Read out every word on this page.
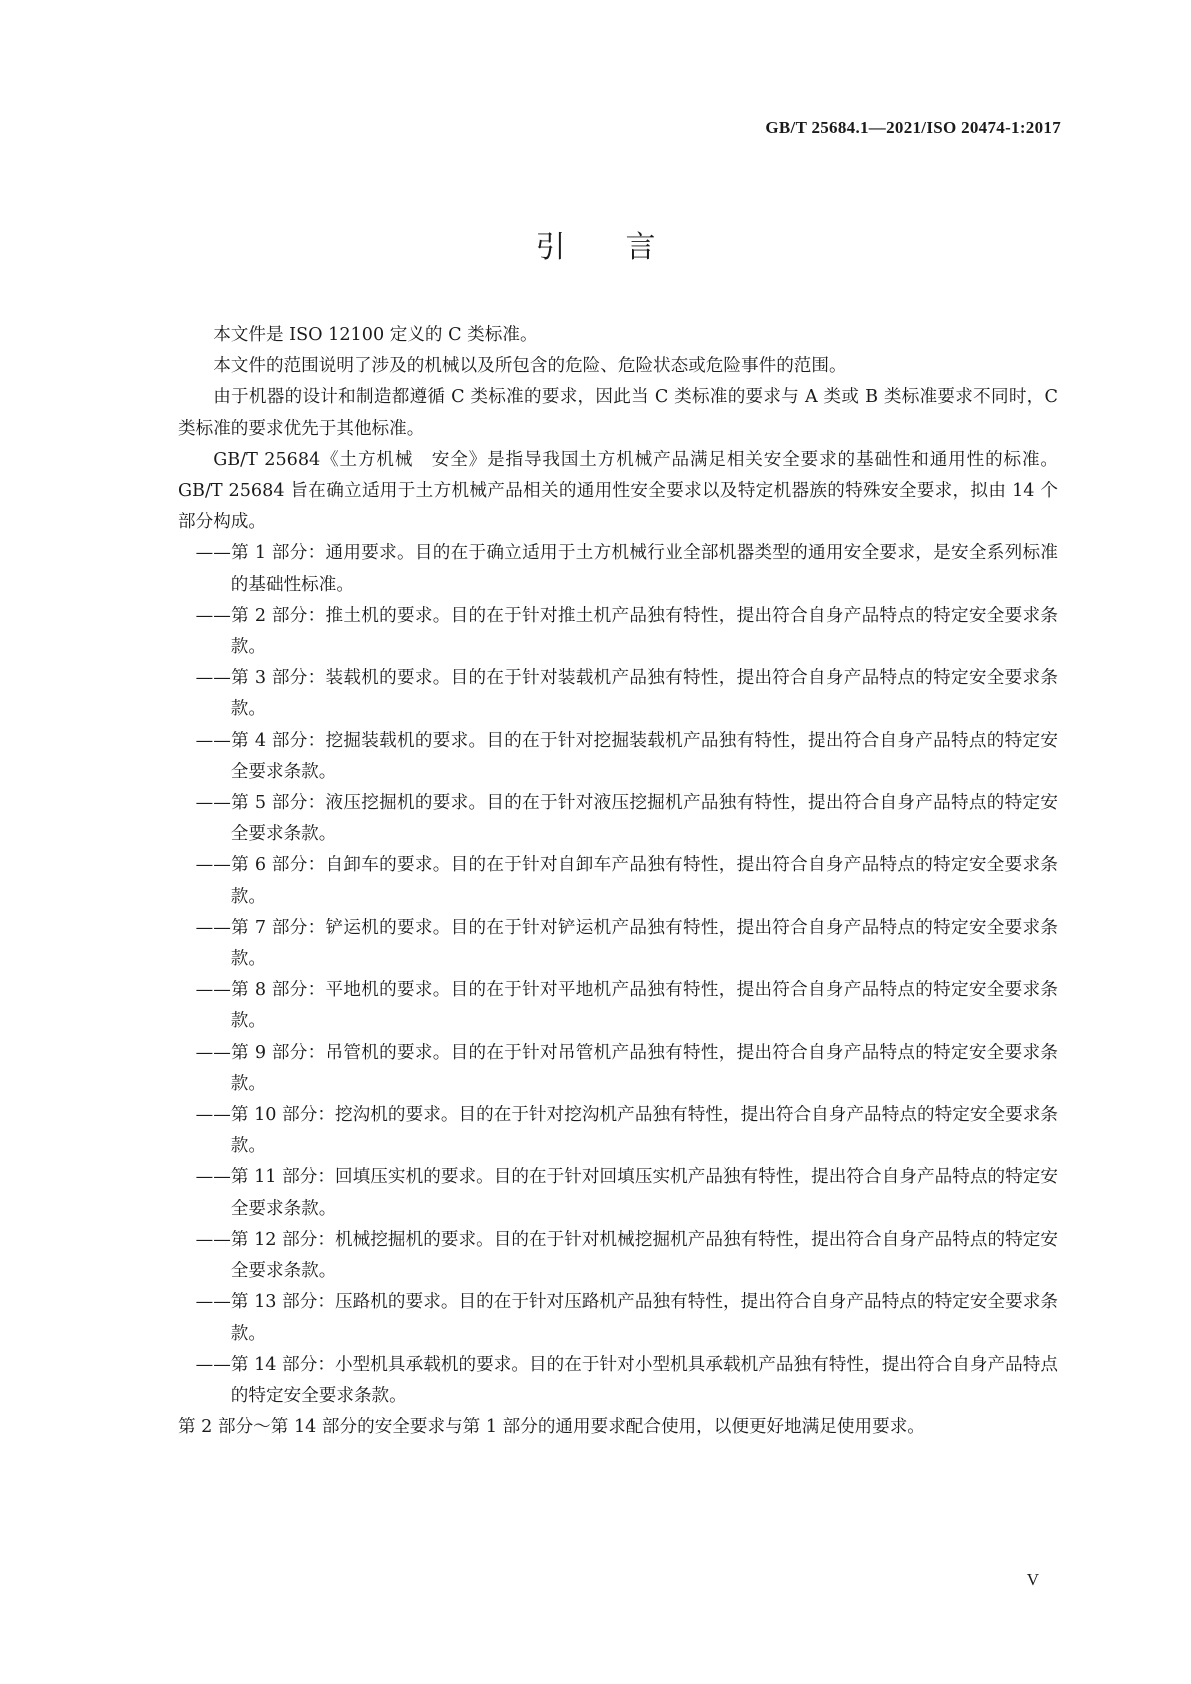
GB/T 25684.1—2021/ISO 20474-1:2017
引言

本文件是 ISO 12100 定义的 C 类标准。

本文件的范围说明了涉及的机械以及所包含的危险、危险状态或危险事件的范围。

由于机器的设计和制造都遵循 C 类标准的要求，因此当 C 类标准的要求与 A 类或 B 类标准要求不同时，C 类标准的要求优先于其他标准。

GB/T 25684《土方机械　安全》是指导我国土方机械产品满足相关安全要求的基础性和通用性的标准。GB/T 25684 旨在确立适用于土方机械产品相关的通用性安全要求以及特定机器族的特殊安全要求，拟由 14 个部分构成。

——第 1 部分：通用要求。目的在于确立适用于土方机械行业全部机器类型的通用安全要求，是安全系列标准的基础性标准。
——第 2 部分：推土机的要求。目的在于针对推土机产品独有特性，提出符合自身产品特点的特定安全要求条款。
——第 3 部分：装载机的要求。目的在于针对装载机产品独有特性，提出符合自身产品特点的特定安全要求条款。
——第 4 部分：挖掘装载机的要求。目的在于针对挖掘装载机产品独有特性，提出符合自身产品特点的特定安全要求条款。
——第 5 部分：液压挖掘机的要求。目的在于针对液压挖掘机产品独有特性，提出符合自身产品特点的特定安全要求条款。
——第 6 部分：自卸车的要求。目的在于针对自卸车产品独有特性，提出符合自身产品特点的特定安全要求条款。
——第 7 部分：铲运机的要求。目的在于针对铲运机产品独有特性，提出符合自身产品特点的特定安全要求条款。
——第 8 部分：平地机的要求。目的在于针对平地机产品独有特性，提出符合自身产品特点的特定安全要求条款。
——第 9 部分：吊管机的要求。目的在于针对吊管机产品独有特性，提出符合自身产品特点的特定安全要求条款。
——第 10 部分：挖沟机的要求。目的在于针对挖沟机产品独有特性，提出符合自身产品特点的特定安全要求条款。
——第 11 部分：回填压实机的要求。目的在于针对回填压实机产品独有特性，提出符合自身产品特点的特定安全要求条款。
——第 12 部分：机械挖掘机的要求。目的在于针对机械挖掘机产品独有特性，提出符合自身产品特点的特定安全要求条款。
——第 13 部分：压路机的要求。目的在于针对压路机产品独有特性，提出符合自身产品特点的特定安全要求条款。
——第 14 部分：小型机具承载机的要求。目的在于针对小型机具承载机产品独有特性，提出符合自身产品特点的特定安全要求条款。

第 2 部分～第 14 部分的安全要求与第 1 部分的通用要求配合使用，以便更好地满足使用要求。

V
